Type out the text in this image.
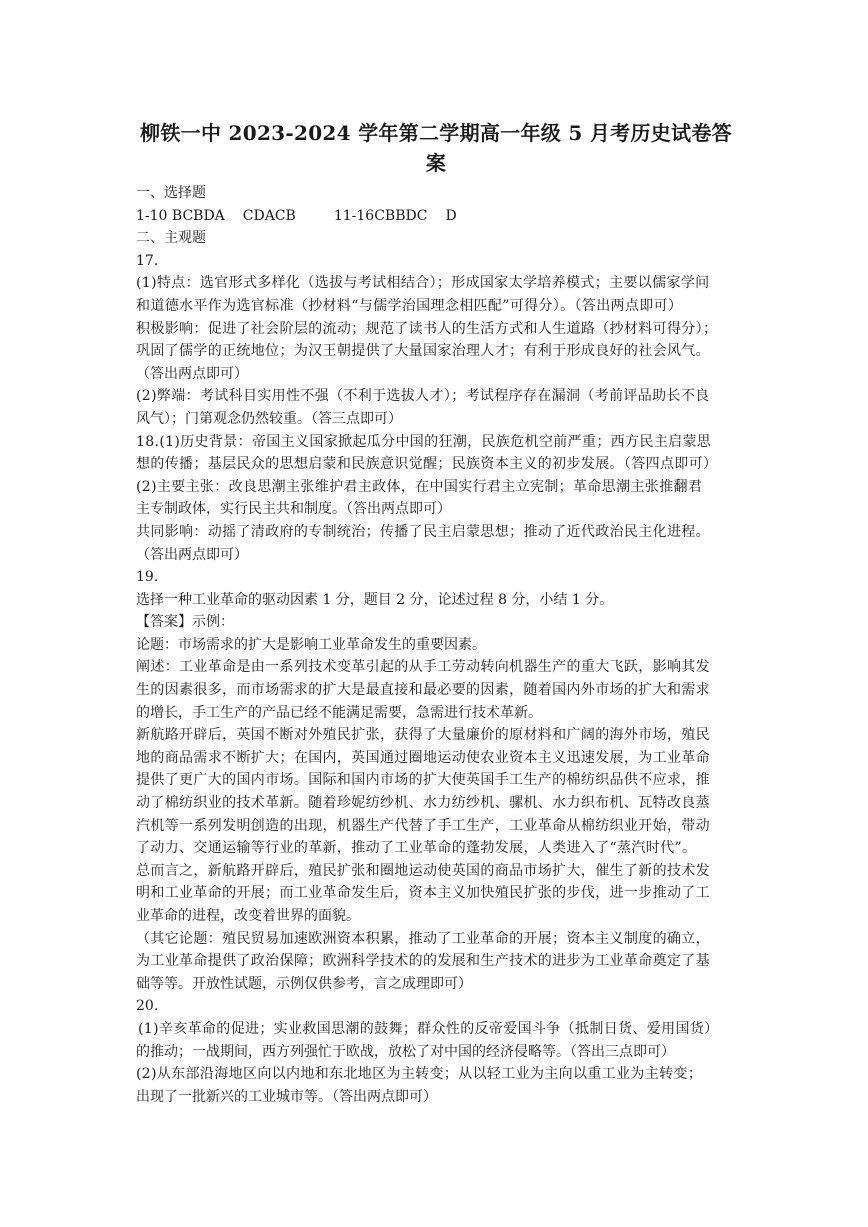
柳铁一中 2023-2024 学年第二学期高一年级 5 月考历史试卷答案
一、选择题
1-10 BCBDA CDACB	11-16CBBDC D
二、主观题
17.
(1)特点：选官形式多样化（选拔与考试相结合）；形成国家太学培养模式；主要以儒家学问
和道德水平作为选官标准（抄材料“与儒学治国理念相匹配”可得分）。（答出两点即可）
积极影响：促进了社会阶层的流动；规范了读书人的生活方式和人生道路（抄材料可得分）；
巩固了儒学的正统地位；为汉王朝提供了大量国家治理人才；有利于形成良好的社会风气。
（答出两点即可）
(2)弊端：考试科目实用性不强（不利于选拔人才）；考试程序存在漏洞（考前评品助长不良
风气）；门第观念仍然较重。（答三点即可）
18.(1)历史背景：帝国主义国家掀起瓜分中国的狂潮，民族危机空前严重；西方民主启蒙思
想的传播；基层民众的思想启蒙和民族意识觉醒；民族资本主义的初步发展。（答四点即可）
(2)主要主张：改良思潮主张维护君主政体，在中国实行君主立宪制；革命思潮主张推翻君
主专制政体，实行民主共和制度。（答出两点即可）
共同影响：动摇了清政府的专制统治；传播了民主启蒙思想；推动了近代政治民主化进程。
（答出两点即可）
19.
选择一种工业革命的驱动因素 1 分，题目 2 分，论述过程 8 分，小结 1 分。
【答案】示例：
论题：市场需求的扩大是影响工业革命发生的重要因素。
阐述：工业革命是由一系列技术变革引起的从手工劳动转向机器生产的重大飞跃，影响其发
生的因素很多，而市场需求的扩大是最直接和最必要的因素，随着国内外市场的扩大和需求
的增长，手工生产的产品已经不能满足需要，急需进行技术革新。
新航路开辟后，英国不断对外殖民扩张，获得了大量廉价的原材料和广阔的海外市场，殖民
地的商品需求不断扩大；在国内，英国通过圈地运动使农业资本主义迅速发展，为工业革命
提供了更广大的国内市场。国际和国内市场的扩大使英国手工生产的棉纺织品供不应求，推
动了棉纺织业的技术革新。随着珍妮纺纱机、水力纺纱机、骡机、水力织布机、瓦特改良蒸
汽机等一系列发明创造的出现，机器生产代替了手工生产，工业革命从棉纺织业开始，带动
了动力、交通运输等行业的革新，推动了工业革命的蓬勃发展，人类进入了“蒸汽时代”。
总而言之，新航路开辟后，殖民扩张和圈地运动使英国的商品市场扩大，催生了新的技术发
明和工业革命的开展；而工业革命发生后，资本主义加快殖民扩张的步伐，进一步推动了工
业革命的进程，改变着世界的面貌。
（其它论题：殖民贸易加速欧洲资本积累，推动了工业革命的开展；资本主义制度的确立，
为工业革命提供了政治保障；欧洲科学技术的的发展和生产技术的进步为工业革命奠定了基
础等等。开放性试题，示例仅供参考，言之成理即可）
20.
(1)辛亥革命的促进；实业救国思潮的鼓舞；群众性的反帝爱国斗争（抵制日货、爱用国货）
的推动；一战期间，西方列强忙于欧战，放松了对中国的经济侵略等。（答出三点即可）
(2)从东部沿海地区向以内地和东北地区为主转变；从以轻工业为主向以重工业为主转变；
出现了一批新兴的工业城市等。（答出两点即可）
